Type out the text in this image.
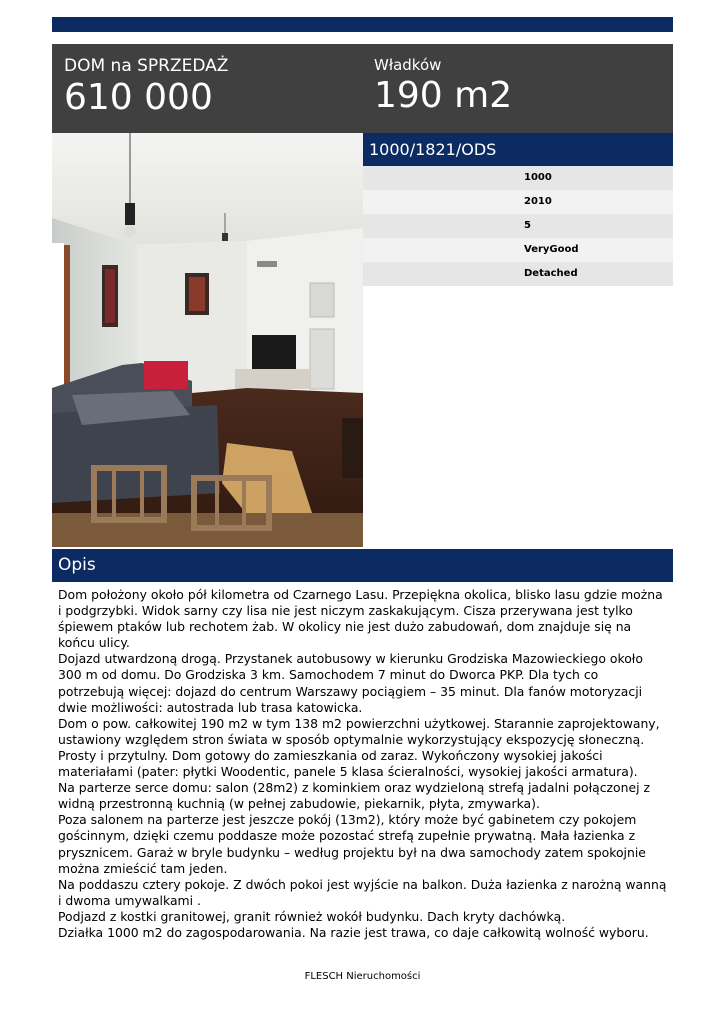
DOM na SPRZEDAŻ
610 000
Władków
190 m2
1000/1821/ODS
1000
2010
5
VeryGood
Detached
Opis

Dom położony około pół kilometra od Czarnego Lasu. Przepiękna okolica, blisko lasu gdzie można i podgrzybki. Widok sarny czy lisa nie jest niczym zaskakującym. Cisza przerywana jest tylko śpiewem ptaków lub rechotem żab. W okolicy nie jest dużo zabudowań, dom znajduje się na końcu ulicy.

Dojazd utwardzoną drogą. Przystanek autobusowy w kierunku Grodziska Mazowieckiego około 300 m od domu. Do Grodziska 3 km. Samochodem 7 minut do Dworca PKP. Dla tych co potrzebują więcej: dojazd do centrum Warszawy pociągiem – 35 minut. Dla fanów motoryzacji dwie możliwości: autostrada lub trasa katowicka.

Dom o pow. całkowitej 190 m2 w tym 138 m2 powierzchni użytkowej. Starannie zaprojektowany, ustawiony względem stron świata w sposób optymalnie wykorzystujący ekspozycję słoneczną. Prosty i przytulny. Dom gotowy do zamieszkania od zaraz. Wykończony wysokiej jakości materiałami (pater: płytki Woodentic, panele 5 klasa ścieralności, wysokiej jakości armatura).

Na parterze serce domu: salon (28m2) z kominkiem oraz wydzieloną strefą jadalni połączonej z widną przestronną kuchnią (w pełnej zabudowie, piekarnik, płyta, zmywarka).

Poza salonem na parterze jest jeszcze pokój (13m2), który może być gabinetem czy pokojem gościnnym, dzięki czemu poddasze może pozostać strefą zupełnie prywatną. Mała łazienka z prysznicem. Garaż w bryle budynku – według projektu był na dwa samochody zatem spokojnie można zmieścić tam jeden.

Na poddaszu cztery pokoje. Z dwóch pokoi jest wyjście na balkon. Duża łazienka z narożną wanną i dwoma umywalkami .

Podjazd z kostki granitowej, granit również wokół budynku. Dach kryty dachówką.

Działka 1000 m2 do zagospodarowania. Na razie jest trawa, co daje całkowitą wolność wyboru.

FLESCH Nieruchomości
